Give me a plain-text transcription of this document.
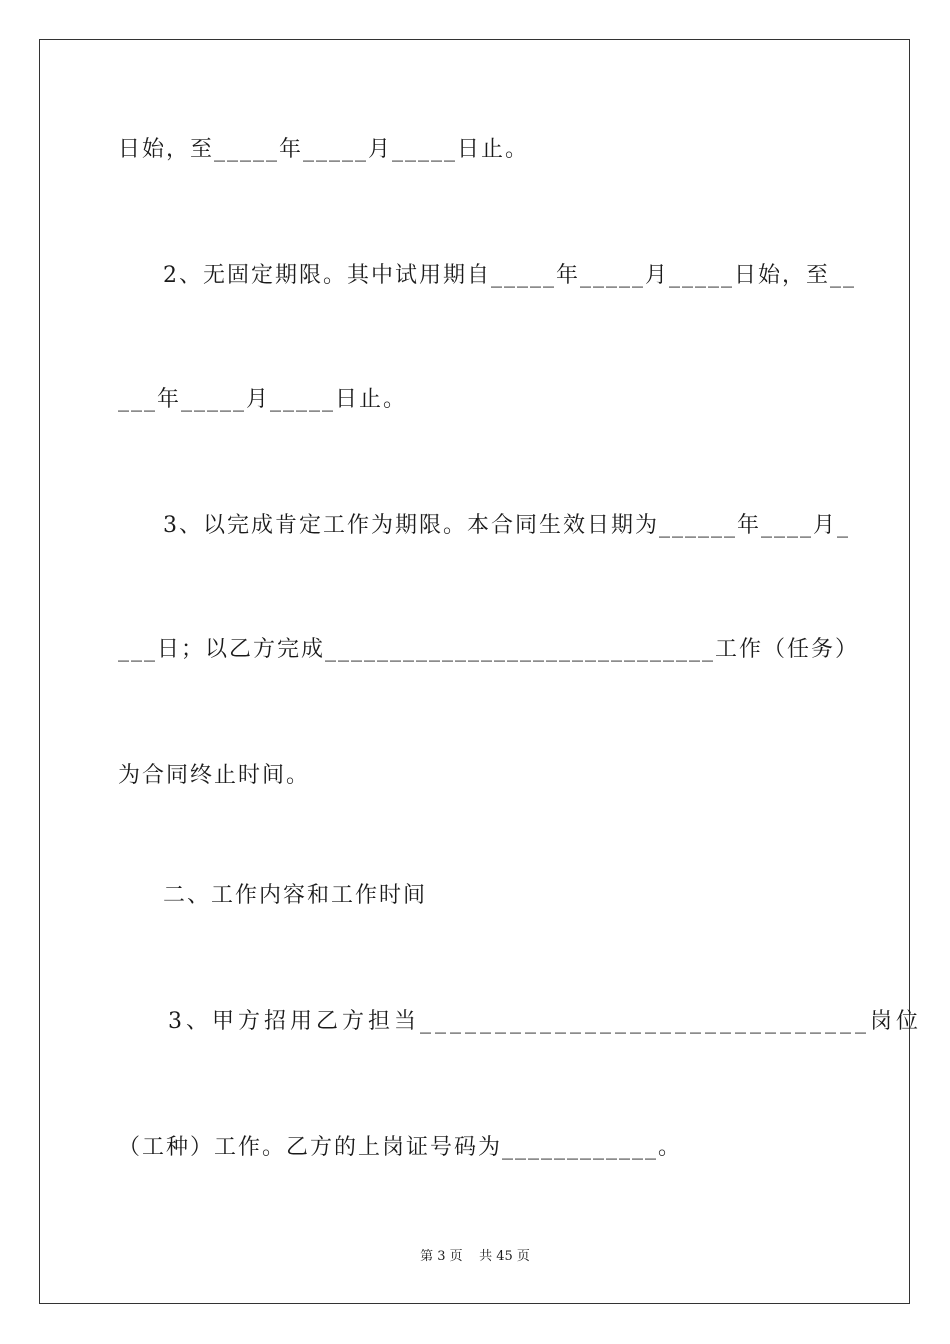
日始，至_____年_____月_____日止。
2、无固定期限。其中试用期自_____年_____月_____日始，至__
___年_____月_____日止。
3、以完成肯定工作为期限。本合同生效日期为______年____月_
___日；以乙方完成______________________________工作（任务）
为合同终止时间。
二、工作内容和工作时间
3、甲方招用乙方担当______________________________岗位
（工种）工作。乙方的上岗证号码为____________。
第 3 页    共 45 页
